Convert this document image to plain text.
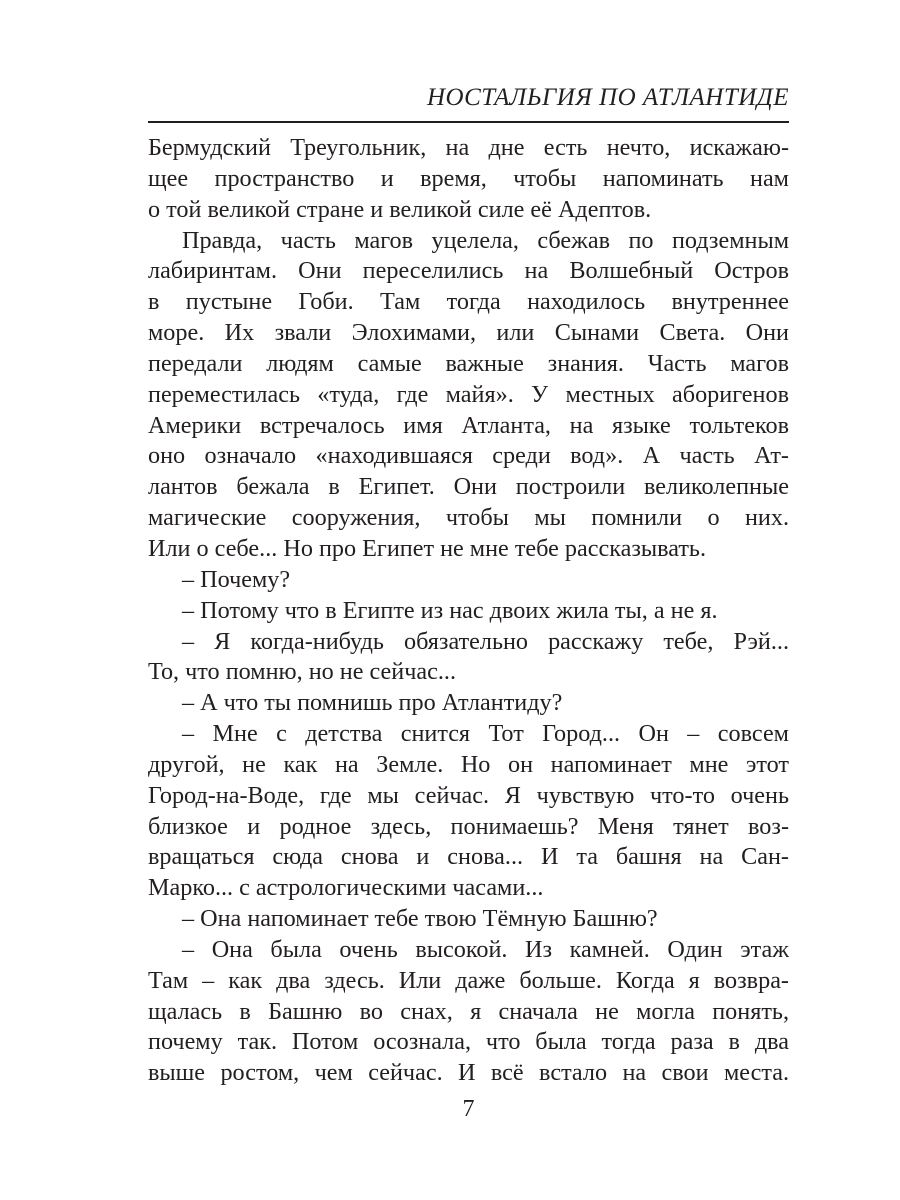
НОСТАЛЬГИЯ ПО АТЛАНТИДЕ
Бермудский Треугольник, на дне есть нечто, искажаю-
щее пространство и время, чтобы напоминать нам
о той великой стране и великой силе её Адептов.
Правда, часть магов уцелела, сбежав по подземным
лабиринтам. Они переселились на Волшебный Остров
в пустыне Гоби. Там тогда находилось внутреннее
море. Их звали Элохимами, или Сынами Света. Они
передали людям самые важные знания. Часть магов
переместилась «туда, где майя». У местных аборигенов
Америки встречалось имя Атланта, на языке тольтеков
оно означало «находившаяся среди вод». А часть Ат-
лантов бежала в Египет. Они построили великолепные
магические сооружения, чтобы мы помнили о них.
Или о себе... Но про Египет не мне тебе рассказывать.
– Почему?
– Потому что в Египте из нас двоих жила ты, а не я.
– Я когда-нибудь обязательно расскажу тебе, Рэй...
То, что помню, но не сейчас...
– А что ты помнишь про Атлантиду?
– Мне с детства снится Тот Город... Он – совсем
другой, не как на Земле. Но он напоминает мне этот
Город-на-Воде, где мы сейчас. Я чувствую что-то очень
близкое и родное здесь, понимаешь? Меня тянет воз-
вращаться сюда снова и снова... И та башня на Сан-
Марко... с астрологическими часами...
– Она напоминает тебе твою Тёмную Башню?
– Она была очень высокой. Из камней. Один этаж
Там – как два здесь. Или даже больше. Когда я возвра-
щалась в Башню во снах, я сначала не могла понять,
почему так. Потом осознала, что была тогда раза в два
выше ростом, чем сейчас. И всё встало на свои места.
7
